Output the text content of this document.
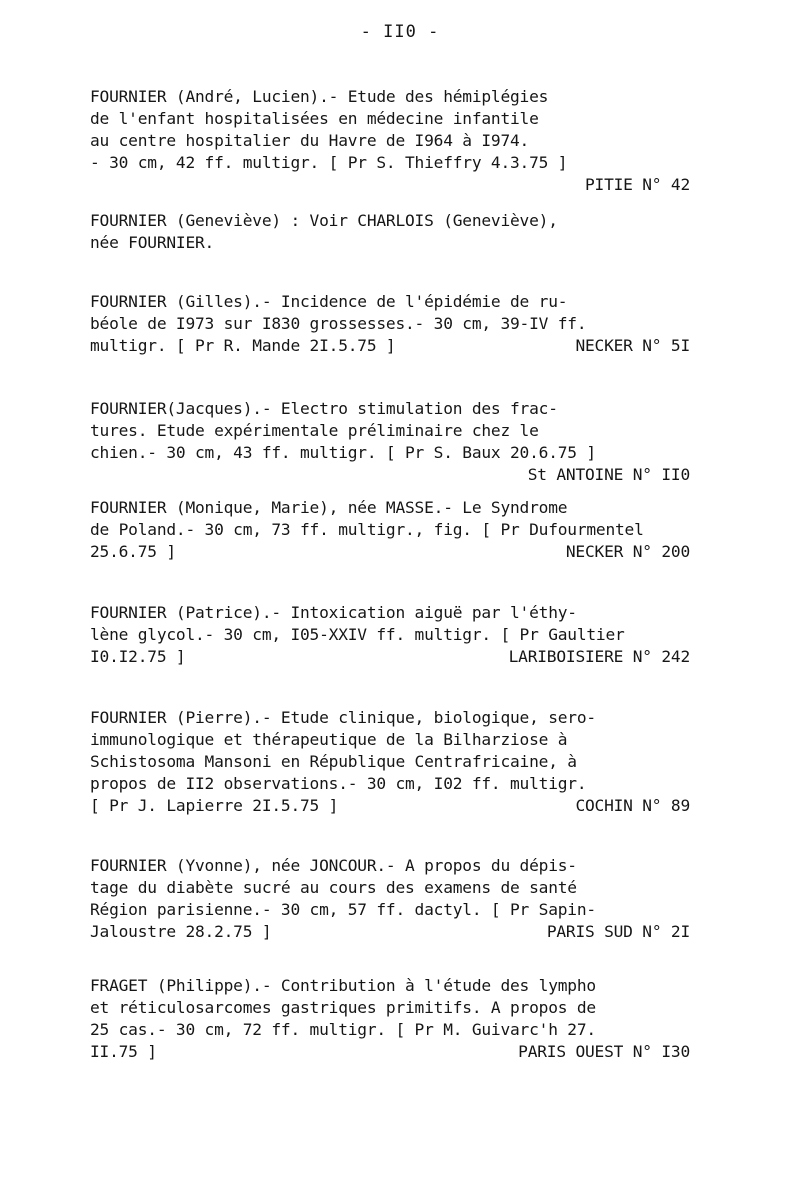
- II0 -
FOURNIER (André, Lucien).- Etude des hémiplégies
de l'enfant hospitalisées en médecine infantile
au centre hospitalier du Havre de I964 à I974.
- 30 cm, 42 ff. multigr. [ Pr S. Thieffry 4.3.75 ]
PITIE N° 42
FOURNIER (Geneviève) : Voir CHARLOIS (Geneviève),
née FOURNIER.
FOURNIER (Gilles).- Incidence de l'épidémie de ru-
béole de I973 sur I830 grossesses.- 30 cm, 39-IV ff.
multigr. [ Pr R. Mande 2I.5.75 ]	NECKER N° 5I
FOURNIER(Jacques).- Electro stimulation des frac-
tures. Etude expérimentale préliminaire chez le
chien.- 30 cm, 43 ff. multigr. [ Pr S. Baux 20.6.75 ]
St ANTOINE N° II0
FOURNIER (Monique, Marie), née MASSE.- Le Syndrome
de Poland.- 30 cm, 73 ff. multigr., fig. [ Pr Dufourmentel
25.6.75 ]	NECKER N° 200
FOURNIER (Patrice).- Intoxication aiguë par l'éthy-
lène glycol.- 30 cm, I05-XXIV ff. multigr. [ Pr Gaultier
I0.I2.75 ]	LARIBOISIERE N° 242
FOURNIER (Pierre).- Etude clinique, biologique, sero-
immunologique et thérapeutique de la Bilharziose à
Schistosoma Mansoni en République Centrafricaine, à
propos de II2 observations.- 30 cm, I02 ff. multigr.
[ Pr J. Lapierre 2I.5.75 ]	COCHIN N° 89
FOURNIER (Yvonne), née JONCOUR.- A propos du dépis-
tage du diabète sucré au cours des examens de santé
Région parisienne.- 30 cm, 57 ff. dactyl. [ Pr Sapin-
Jaloustre 28.2.75 ]	PARIS SUD N° 2I
FRAGET (Philippe).- Contribution à l'étude des lympho
et réticulosarcomes gastriques primitifs. A propos de
25 cas.- 30 cm, 72 ff. multigr. [ Pr M. Guivarc'h 27.
II.75 ]	PARIS OUEST N° I30
